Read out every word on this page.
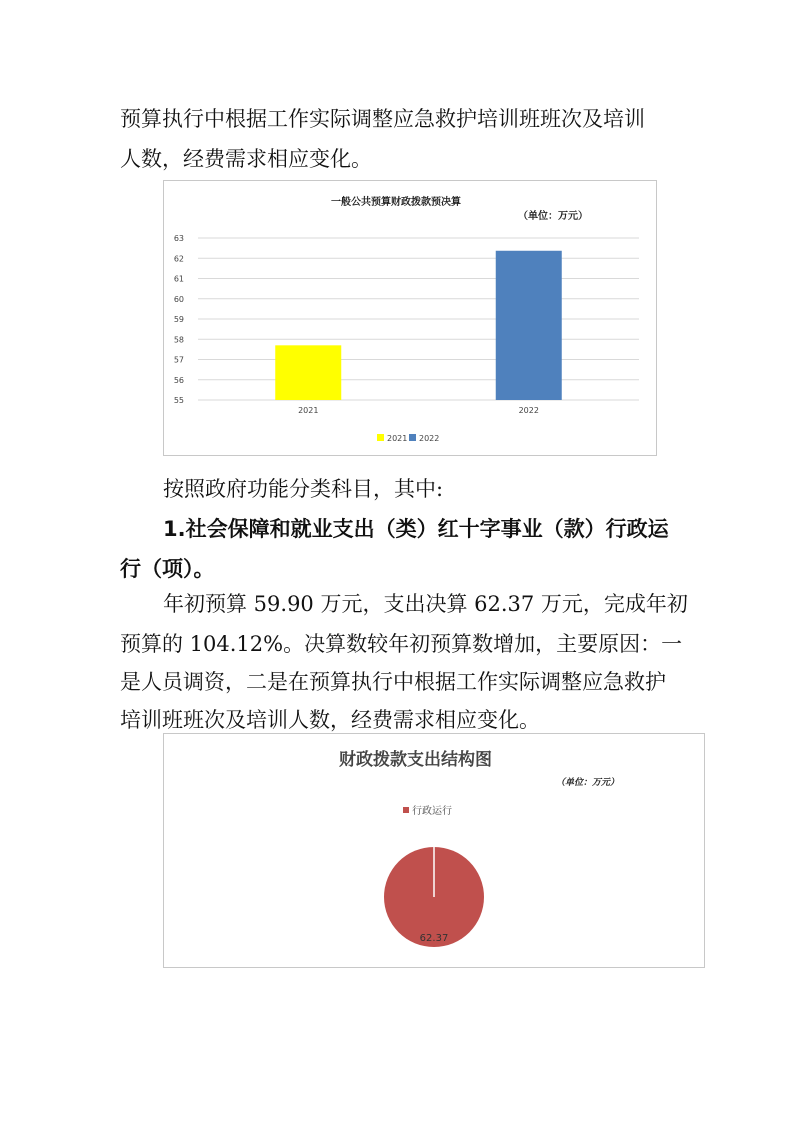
预算执行中根据工作实际调整应急救护培训班班次及培训

人数，经费需求相应变化。

一般公共预算财政拨款预决算
（单位：万元）
55
56
57
58
59
60
61
62
63
2021	2022
2021 2022

按照政府功能分类科目，其中:

1.社会保障和就业支出（类）红十字事业（款）行政运

行（项）。

年初预算 59.90 万元，支出决算 62.37 万元，完成年初

预算的 104.12%。决算数较年初预算数增加，主要原因：一

是人员调资，二是在预算执行中根据工作实际调整应急救护

培训班班次及培训人数，经费需求相应变化。

财政拨款支出结构图
（单位：万元）
62.37
行政运行
